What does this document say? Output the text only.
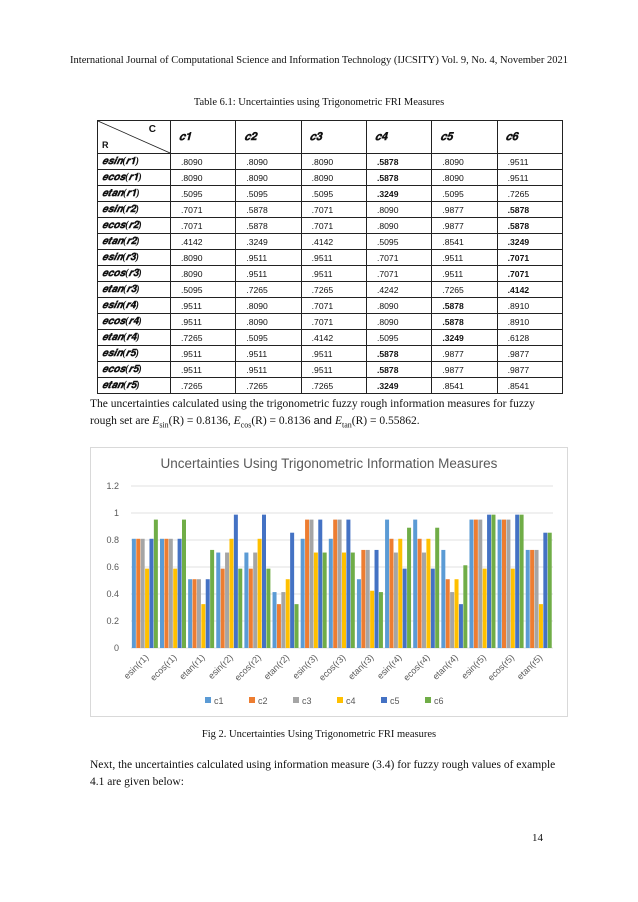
International Journal of Computational Science and Information Technology (IJCSITY) Vol. 9, No. 4, November 2021
Table 6.1: Uncertainties using Trigonometric FRI Measures
C
R	𝒄𝟏	𝒄𝟐	𝒄𝟑	𝒄𝟒	𝒄𝟓	𝒄𝟔
𝒆𝒔𝒊𝒏(𝒓𝟏)	.8090	.8090	.8090	.5878	.8090	.9511
𝒆𝒄𝒐𝒔(𝒓𝟏)	.8090	.8090	.8090	.5878	.8090	.9511
𝒆𝒕𝒂𝒏(𝒓𝟏)	.5095	.5095	.5095	.3249	.5095	.7265
𝒆𝒔𝒊𝒏(𝒓𝟐)	.7071	.5878	.7071	.8090	.9877	.5878
𝒆𝒄𝒐𝒔(𝒓𝟐)	.7071	.5878	.7071	.8090	.9877	.5878
𝒆𝒕𝒂𝒏(𝒓𝟐)	.4142	.3249	.4142	.5095	.8541	.3249
𝒆𝒔𝒊𝒏(𝒓𝟑)	.8090	.9511	.9511	.7071	.9511	.7071
𝒆𝒄𝒐𝒔(𝒓𝟑)	.8090	.9511	.9511	.7071	.9511	.7071
𝒆𝒕𝒂𝒏(𝒓𝟑)	.5095	.7265	.7265	.4242	.7265	.4142
𝒆𝒔𝒊𝒏(𝒓𝟒)	.9511	.8090	.7071	.8090	.5878	.8910
𝒆𝒄𝒐𝒔(𝒓𝟒)	.9511	.8090	.7071	.8090	.5878	.8910
𝒆𝒕𝒂𝒏(𝒓𝟒)	.7265	.5095	.4142	.5095	.3249	.6128
𝒆𝒔𝒊𝒏(𝒓𝟓)	.9511	.9511	.9511	.5878	.9877	.9877
𝒆𝒄𝒐𝒔(𝒓𝟓)	.9511	.9511	.9511	.5878	.9877	.9877
𝒆𝒕𝒂𝒏(𝒓𝟓)	.7265	.7265	.7265	.3249	.8541	.8541
The uncertainties calculated using the trigonometric fuzzy rough information measures for fuzzy
rough set are $E_{sin}(R) = 0.8136$, $E_{cos}(R) = 0.8136$ and $E_{tan}(R) = 0.55862$.
Uncertainties Using Trigonometric Information Measures
0
0.2
0.4
0.6
0.8
1
1.2
esin(r1)
ecos(r1)
etan(r1) esin(r2)
ecos(r2)
etan(r2) esin(r3)
ecos(r3)
etan(r3) esin(r4)
ecos(r4)
etan(r4) esin(r5)
ecos(r5)
etan(r5)
c1	c2	c3	c4	c5	c6
Fig 2. Uncertainties Using Trigonometric FRI measures
Next, the uncertainties calculated using information measure (3.4) for fuzzy rough values of example 4.1 are given below:
14
